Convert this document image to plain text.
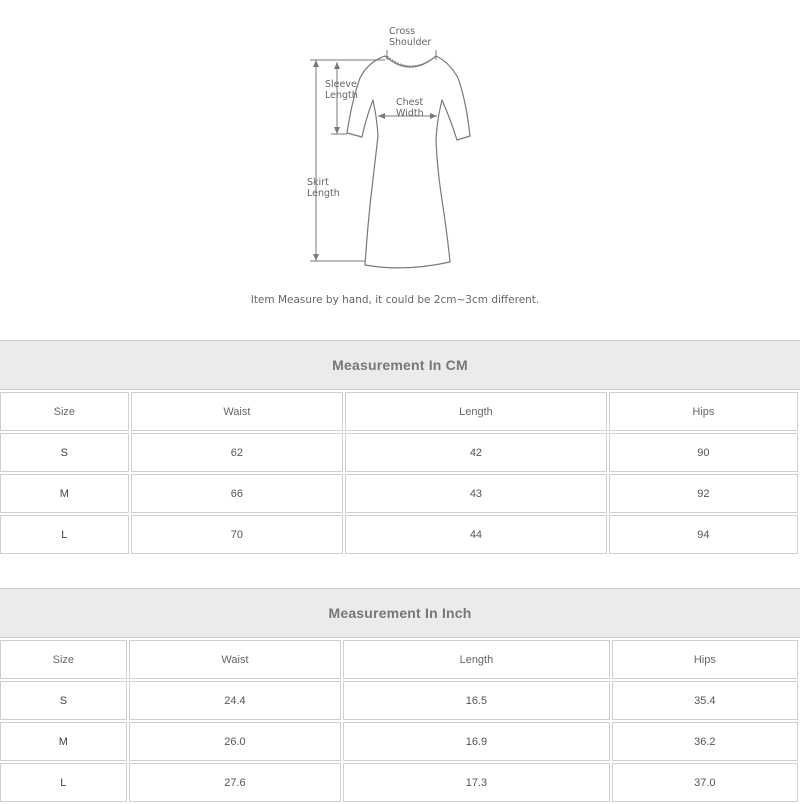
Cross
Shoulder
Sleeve
Length
Chest
Width
Skirt
Length
Item Measure by hand, it could be 2cm~3cm different.
Measurement In CM
Size	Waist	Length	Hips
S	62	42	90
M	66	43	92
L	70	44	94
Measurement In Inch
Size	Waist	Length	Hips
S	24.4	16.5	35.4
M	26.0	16.9	36.2
L	27.6	17.3	37.0
